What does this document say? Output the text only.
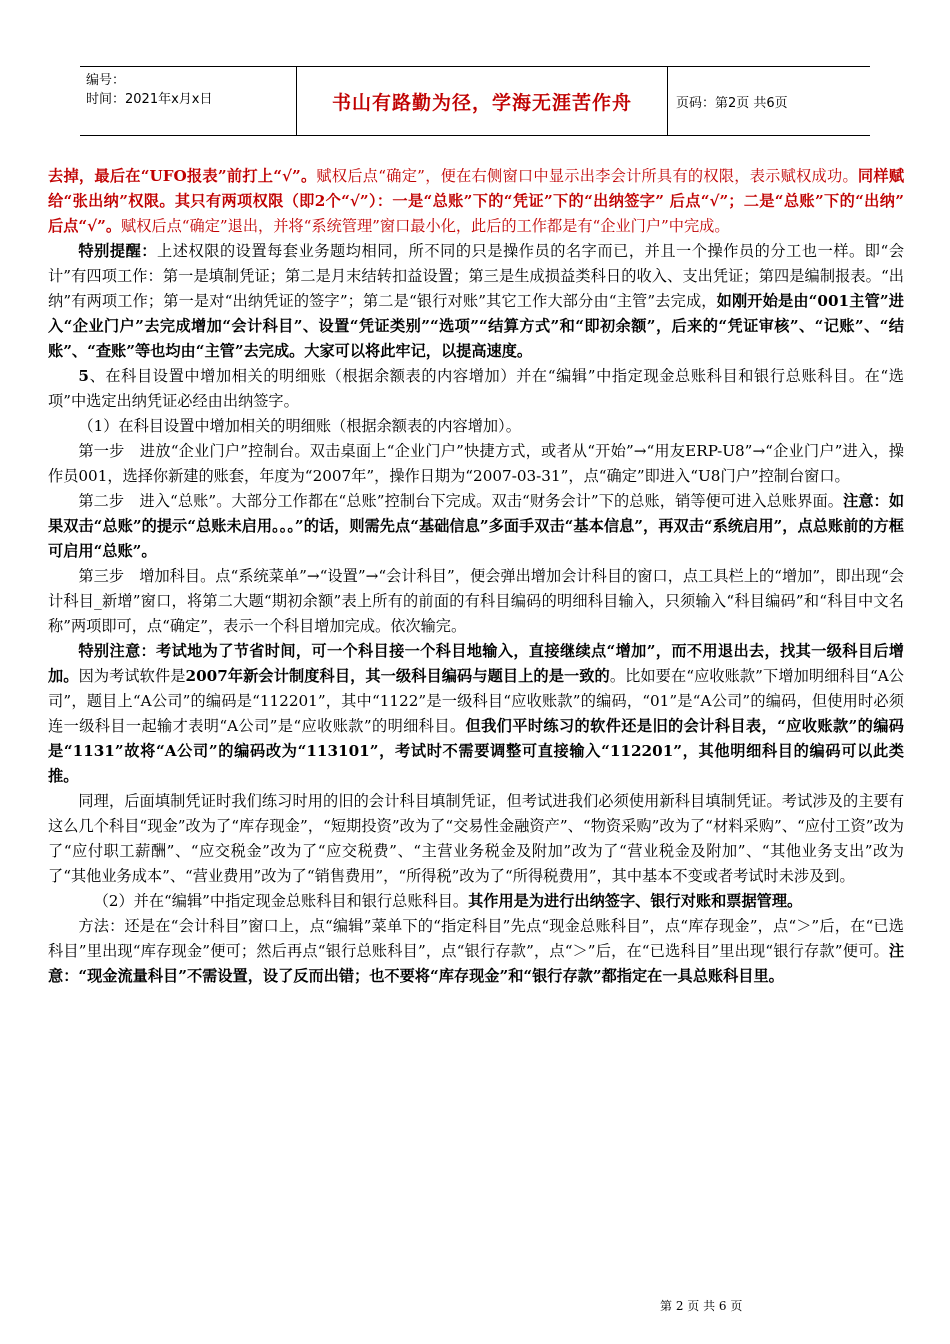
编号：
时间：2021年x月x日	书山有路勤为径，学海无涯苦作舟	页码：第2页 共6页

去掉，最后在“UFO报表”前打上“√”。赋权后点“确定”，便在右侧窗口中显示出李会计所具有的权限，表示赋权成功。同样赋给“张出纳”权限。其只有两项权限（即2个“√”）：一是“总账”下的“凭证”下的“出纳签字” 后点“√”；二是“总账”下的“出纳” 后点“√”。赋权后点“确定”退出，并将“系统管理”窗口最小化，此后的工作都是有“企业门户”中完成。

特别提醒：上述权限的设置每套业务题均相同，所不同的只是操作员的名字而已，并且一个操作员的分工也一样。即“会计”有四项工作：第一是填制凭证；第二是月末结转扣益设置；第三是生成损益类科日的收入、支出凭证；第四是编制报表。“出纳”有两项工作；第一是对“出纳凭证的签字”；第二是“银行对账”其它工作大部分由“主管”去完成，如刚开始是由“001主管”进入“企业门户”去完成增加“会计科目”、设置“凭证类别”“选项”“结算方式”和“即初余额”，后来的“凭证审核”、“记账”、“结账”、“查账”等也均由“主管”去完成。大家可以将此牢记，以提高速度。

5、在科目设置中增加相关的明细账（根据余额表的内容增加）并在“编辑”中指定现金总账科目和银行总账科目。在“选项”中选定出纳凭证必经由出纳签字。

（1）在科目设置中增加相关的明细账（根据余额表的内容增加）。

第一步　进放“企业门户”控制台。双击桌面上“企业门户”快捷方式，或者从“开始”→“用友ERP-U8”→“企业门户”进入，操作员001，选择你新建的账套，年度为“2007年”，操作日期为“2007-03-31”，点“确定”即进入“U8门户”控制台窗口。

第二步　进入“总账”。大部分工作都在“总账”控制台下完成。双击“财务会计”下的总账，销等便可进入总账界面。注意：如果双击“总账”的提示“总账未启用。。。”的话，则需先点“基础信息”多面手双击“基本信息”，再双击“系统启用”，点总账前的方框可启用“总账”。

第三步　增加科目。点“系统菜单”→“设置”→“会计科目”，便会弹出增加会计科目的窗口，点工具栏上的“增加”，即出现“会计科目_新增”窗口，将第二大题“期初余额”表上所有的前面的有科目编码的明细科目输入，只须输入“科目编码”和“科目中文名称”两项即可，点“确定”，表示一个科目增加完成。依次输完。

特别注意：考试地为了节省时间，可一个科目接一个科目地输入，直接继续点“增加”，而不用退出去，找其一级科目后增加。因为考试软件是2007年新会计制度科目，其一级科目编码与题目上的是一致的。比如要在“应收账款”下增加明细科目“A公司”，题目上“A公司”的编码是“112201”，其中“1122”是一级科目“应收账款”的编码，“01”是“A公司”的编码，但使用时必须连一级科目一起输才表明“A公司”是“应收账款”的明细科目。但我们平时练习的软件还是旧的会计科目表，“应收账款”的编码是“1131”故将“A公司”的编码改为“113101”，考试时不需要调整可直接输入“112201”，其他明细科目的编码可以此类推。

同理，后面填制凭证时我们练习时用的旧的会计科目填制凭证，但考试进我们必须使用新科目填制凭证。考试涉及的主要有这么几个科目“现金”改为了“库存现金”，“短期投资”改为了“交易性金融资产”、“物资采购”改为了“材料采购”、“应付工资”改为了“应付职工薪酬”、“应交税金”改为了“应交税费”、“主营业务税金及附加”改为了“营业税金及附加”、“其他业务支出”改为了“其他业务成本”、“营业费用”改为了“销售费用”，“所得税”改为了“所得税费用”，其中基本不变或者考试时未涉及到。

（2）并在“编辑”中指定现金总账科目和银行总账科目。其作用是为进行出纳签字、银行对账和票据管理。

方法：还是在“会计科目”窗口上，点“编辑”菜单下的“指定科目”先点“现金总账科目”，点“库存现金”，点“＞”后，在“已选科目”里出现“库存现金”便可；然后再点“银行总账科目”，点“银行存款”，点“＞”后，在“已选科目”里出现“银行存款”便可。注意：“现金流量科目”不需设置，设了反而出错；也不要将“库存现金”和“银行存款”都指定在一具总账科目里。

第 2 页 共 6 页
